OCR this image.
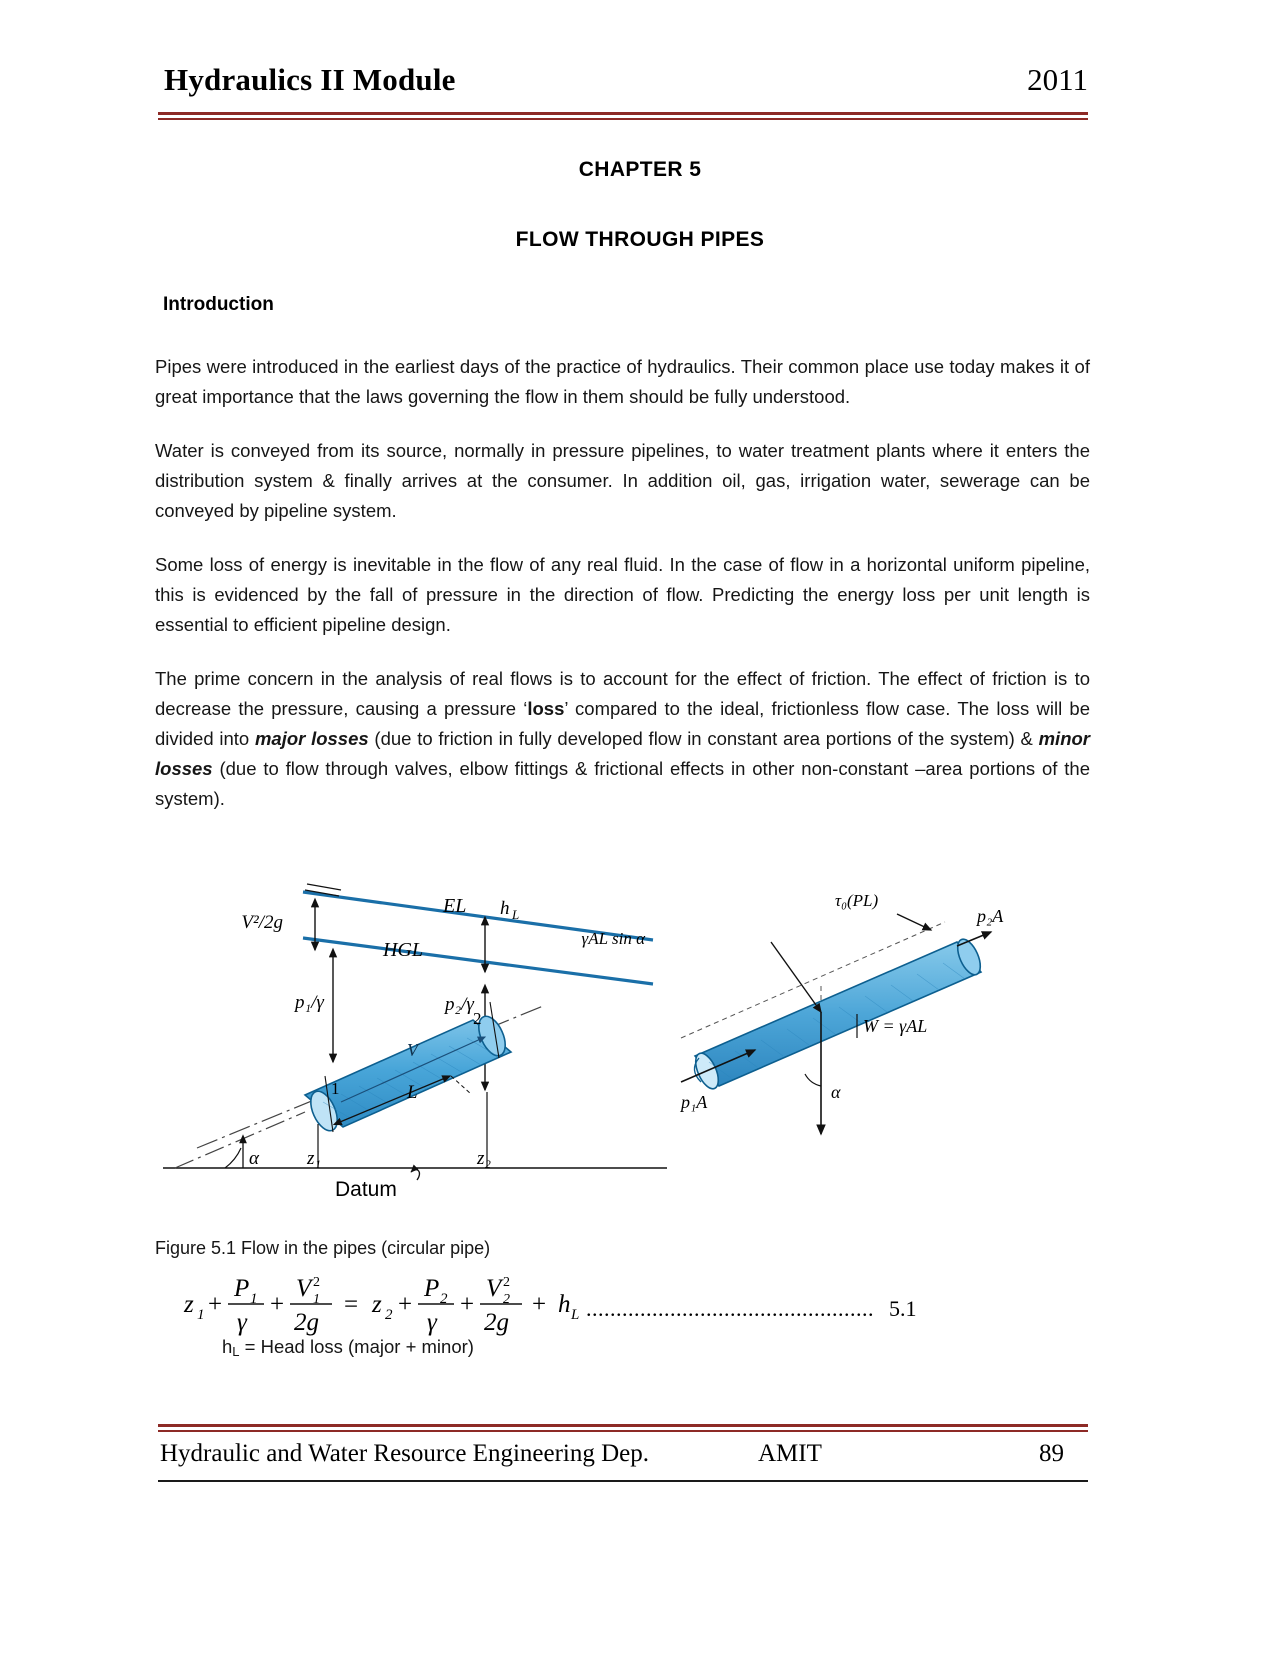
Hydraulics II Module	2011
CHAPTER 5
FLOW THROUGH PIPES
Introduction

Pipes were introduced in the earliest days of the practice of hydraulics. Their common place use today makes it of great importance that the laws governing the flow in them should be fully understood.

Water is conveyed from its source, normally in pressure pipelines, to water treatment plants where it enters the distribution system & finally arrives at the consumer. In addition oil, gas, irrigation water, sewerage can be conveyed by pipeline system.

Some loss of energy is inevitable in the flow of any real fluid. In the case of flow in a horizontal uniform pipeline, this is evidenced by the fall of pressure in the direction of flow. Predicting the energy loss per unit length is essential to efficient pipeline design.

The prime concern in the analysis of real flows is to account for the effect of friction. The effect of friction is to decrease the pressure, causing a pressure ‘loss’ compared to the ideal, frictionless flow case. The loss will be divided into major losses (due to friction in fully developed flow in constant area portions of the system) & minor losses (due to flow through valves, elbow fittings & frictional effects in other non-constant –area portions of the system).

V²/2g
EL h L
HGL
p₁/γ	p₂/γ
V
1
2
L
α	z₁	z₂
Datum
τ₀(PL)
γAL sin α
p₂A
p₁A
W = γAL
α
Figure 5.1 Flow in the pipes (circular pipe)
z 1 +
P 1
γ
+
V 1
2
2g
= z 2 +
P 2
γ
+
V 2
2
2g
+ h L ................................................ 5.1
$h_L$ = Head loss (major + minor)
Hydraulic and Water Resource Engineering Dep.	AMIT	89
